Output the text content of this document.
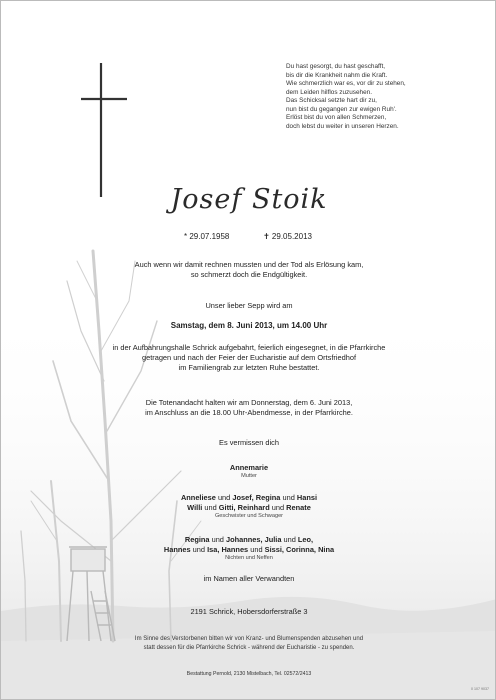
Du hast gesorgt, du hast geschafft,
bis dir die Krankheit nahm die Kraft.
Wie schmerzlich war es, vor dir zu stehen,
dem Leiden hilflos zuzusehen.
Das Schicksal setzte hart dir zu,
nun bist du gegangen zur ewigen Ruh'.
Erlöst bist du von allen Schmerzen,
doch lebst du weiter in unseren Herzen.
Josef Stoik
* 29.07.1958	✝ 29.05.2013
Auch wenn wir damit rechnen mussten und der Tod als Erlösung kam,
so schmerzt doch die Endgültigkeit.
Unser lieber Sepp wird am
Samstag, dem 8. Juni 2013, um 14.00 Uhr
in der Aufbahrungshalle Schrick aufgebahrt, feierlich eingesegnet, in die Pfarrkirche
getragen und nach der Feier der Eucharistie auf dem Ortsfriedhof
im Familiengrab zur letzten Ruhe bestattet.
Die Totenandacht halten wir am Donnerstag, dem 6. Juni 2013,
im Anschluss an die 18.00 Uhr-Abendmesse, in der Pfarrkirche.
Es vermissen dich
Annemarie
Mutter
Anneliese und Josef, Regina und Hansi
Willi und Gitti, Reinhard und Renate
Geschwister und Schwager
Regina und Johannes, Julia und Leo,
Hannes und Isa, Hannes und Sissi, Corinna, Nina
Nichten und Neffen
im Namen aller Verwandten
2191 Schrick, Hobersdorferstraße 3
Im Sinne des Verstorbenen bitten wir von Kranz- und Blumenspenden abzusehen und
statt dessen für die Pfarrkirche Schrick - während der Eucharistie - zu spenden.
Bestattung Pernold, 2130 Mistelbach, Tel. 02572/2413
0 107 9037
